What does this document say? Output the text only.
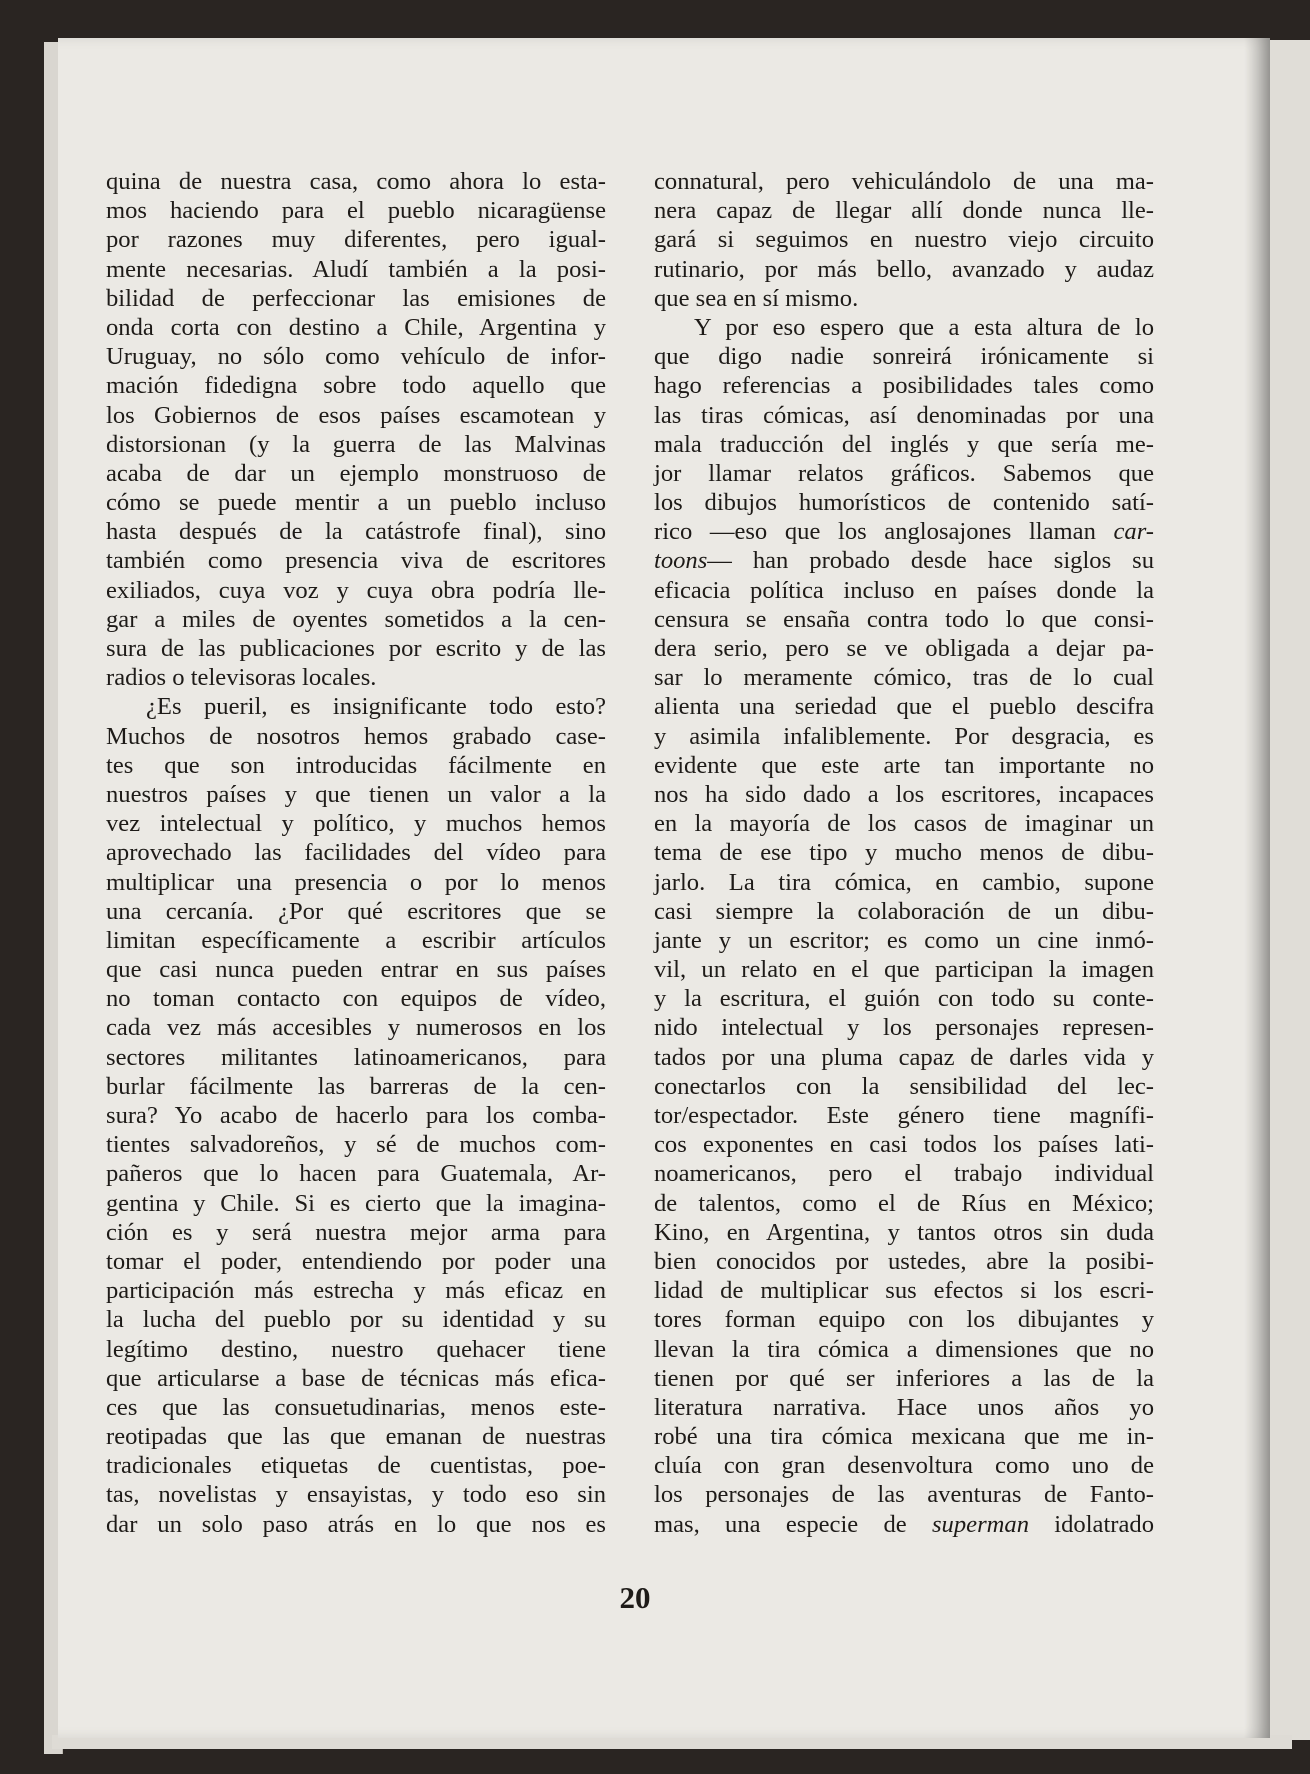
quina de nuestra casa, como ahora lo esta-
mos haciendo para el pueblo nicaragüense
por razones muy diferentes, pero igual-
mente necesarias. Aludí también a la posi-
bilidad de perfeccionar las emisiones de
onda corta con destino a Chile, Argentina y
Uruguay, no sólo como vehículo de infor-
mación fidedigna sobre todo aquello que
los Gobiernos de esos países escamotean y
distorsionan (y la guerra de las Malvinas
acaba de dar un ejemplo monstruoso de
cómo se puede mentir a un pueblo incluso
hasta después de la catástrofe final), sino
también como presencia viva de escritores
exiliados, cuya voz y cuya obra podría lle-
gar a miles de oyentes sometidos a la cen-
sura de las publicaciones por escrito y de las
radios o televisoras locales.
¿Es pueril, es insignificante todo esto?
Muchos de nosotros hemos grabado case-
tes que son introducidas fácilmente en
nuestros países y que tienen un valor a la
vez intelectual y político, y muchos hemos
aprovechado las facilidades del vídeo para
multiplicar una presencia o por lo menos
una cercanía. ¿Por qué escritores que se
limitan específicamente a escribir artículos
que casi nunca pueden entrar en sus países
no toman contacto con equipos de vídeo,
cada vez más accesibles y numerosos en los
sectores militantes latinoamericanos, para
burlar fácilmente las barreras de la cen-
sura? Yo acabo de hacerlo para los comba-
tientes salvadoreños, y sé de muchos com-
pañeros que lo hacen para Guatemala, Ar-
gentina y Chile. Si es cierto que la imagina-
ción es y será nuestra mejor arma para
tomar el poder, entendiendo por poder una
participación más estrecha y más eficaz en
la lucha del pueblo por su identidad y su
legítimo destino, nuestro quehacer tiene
que articularse a base de técnicas más efica-
ces que las consuetudinarias, menos este-
reotipadas que las que emanan de nuestras
tradicionales etiquetas de cuentistas, poe-
tas, novelistas y ensayistas, y todo eso sin
dar un solo paso atrás en lo que nos es
connatural, pero vehiculándolo de una ma-
nera capaz de llegar allí donde nunca lle-
gará si seguimos en nuestro viejo circuito
rutinario, por más bello, avanzado y audaz
que sea en sí mismo.
Y por eso espero que a esta altura de lo
que digo nadie sonreirá irónicamente si
hago referencias a posibilidades tales como
las tiras cómicas, así denominadas por una
mala traducción del inglés y que sería me-
jor llamar relatos gráficos. Sabemos que
los dibujos humorísticos de contenido satí-
rico —eso que los anglosajones llaman car-
toons— han probado desde hace siglos su
eficacia política incluso en países donde la
censura se ensaña contra todo lo que consi-
dera serio, pero se ve obligada a dejar pa-
sar lo meramente cómico, tras de lo cual
alienta una seriedad que el pueblo descifra
y asimila infaliblemente. Por desgracia, es
evidente que este arte tan importante no
nos ha sido dado a los escritores, incapaces
en la mayoría de los casos de imaginar un
tema de ese tipo y mucho menos de dibu-
jarlo. La tira cómica, en cambio, supone
casi siempre la colaboración de un dibu-
jante y un escritor; es como un cine inmó-
vil, un relato en el que participan la imagen
y la escritura, el guión con todo su conte-
nido intelectual y los personajes represen-
tados por una pluma capaz de darles vida y
conectarlos con la sensibilidad del lec-
tor/espectador. Este género tiene magnífi-
cos exponentes en casi todos los países lati-
noamericanos, pero el trabajo individual
de talentos, como el de Ríus en México;
Kino, en Argentina, y tantos otros sin duda
bien conocidos por ustedes, abre la posibi-
lidad de multiplicar sus efectos si los escri-
tores forman equipo con los dibujantes y
llevan la tira cómica a dimensiones que no
tienen por qué ser inferiores a las de la
literatura narrativa. Hace unos años yo
robé una tira cómica mexicana que me in-
cluía con gran desenvoltura como uno de
los personajes de las aventuras de Fanto-
mas, una especie de superman idolatrado
20
